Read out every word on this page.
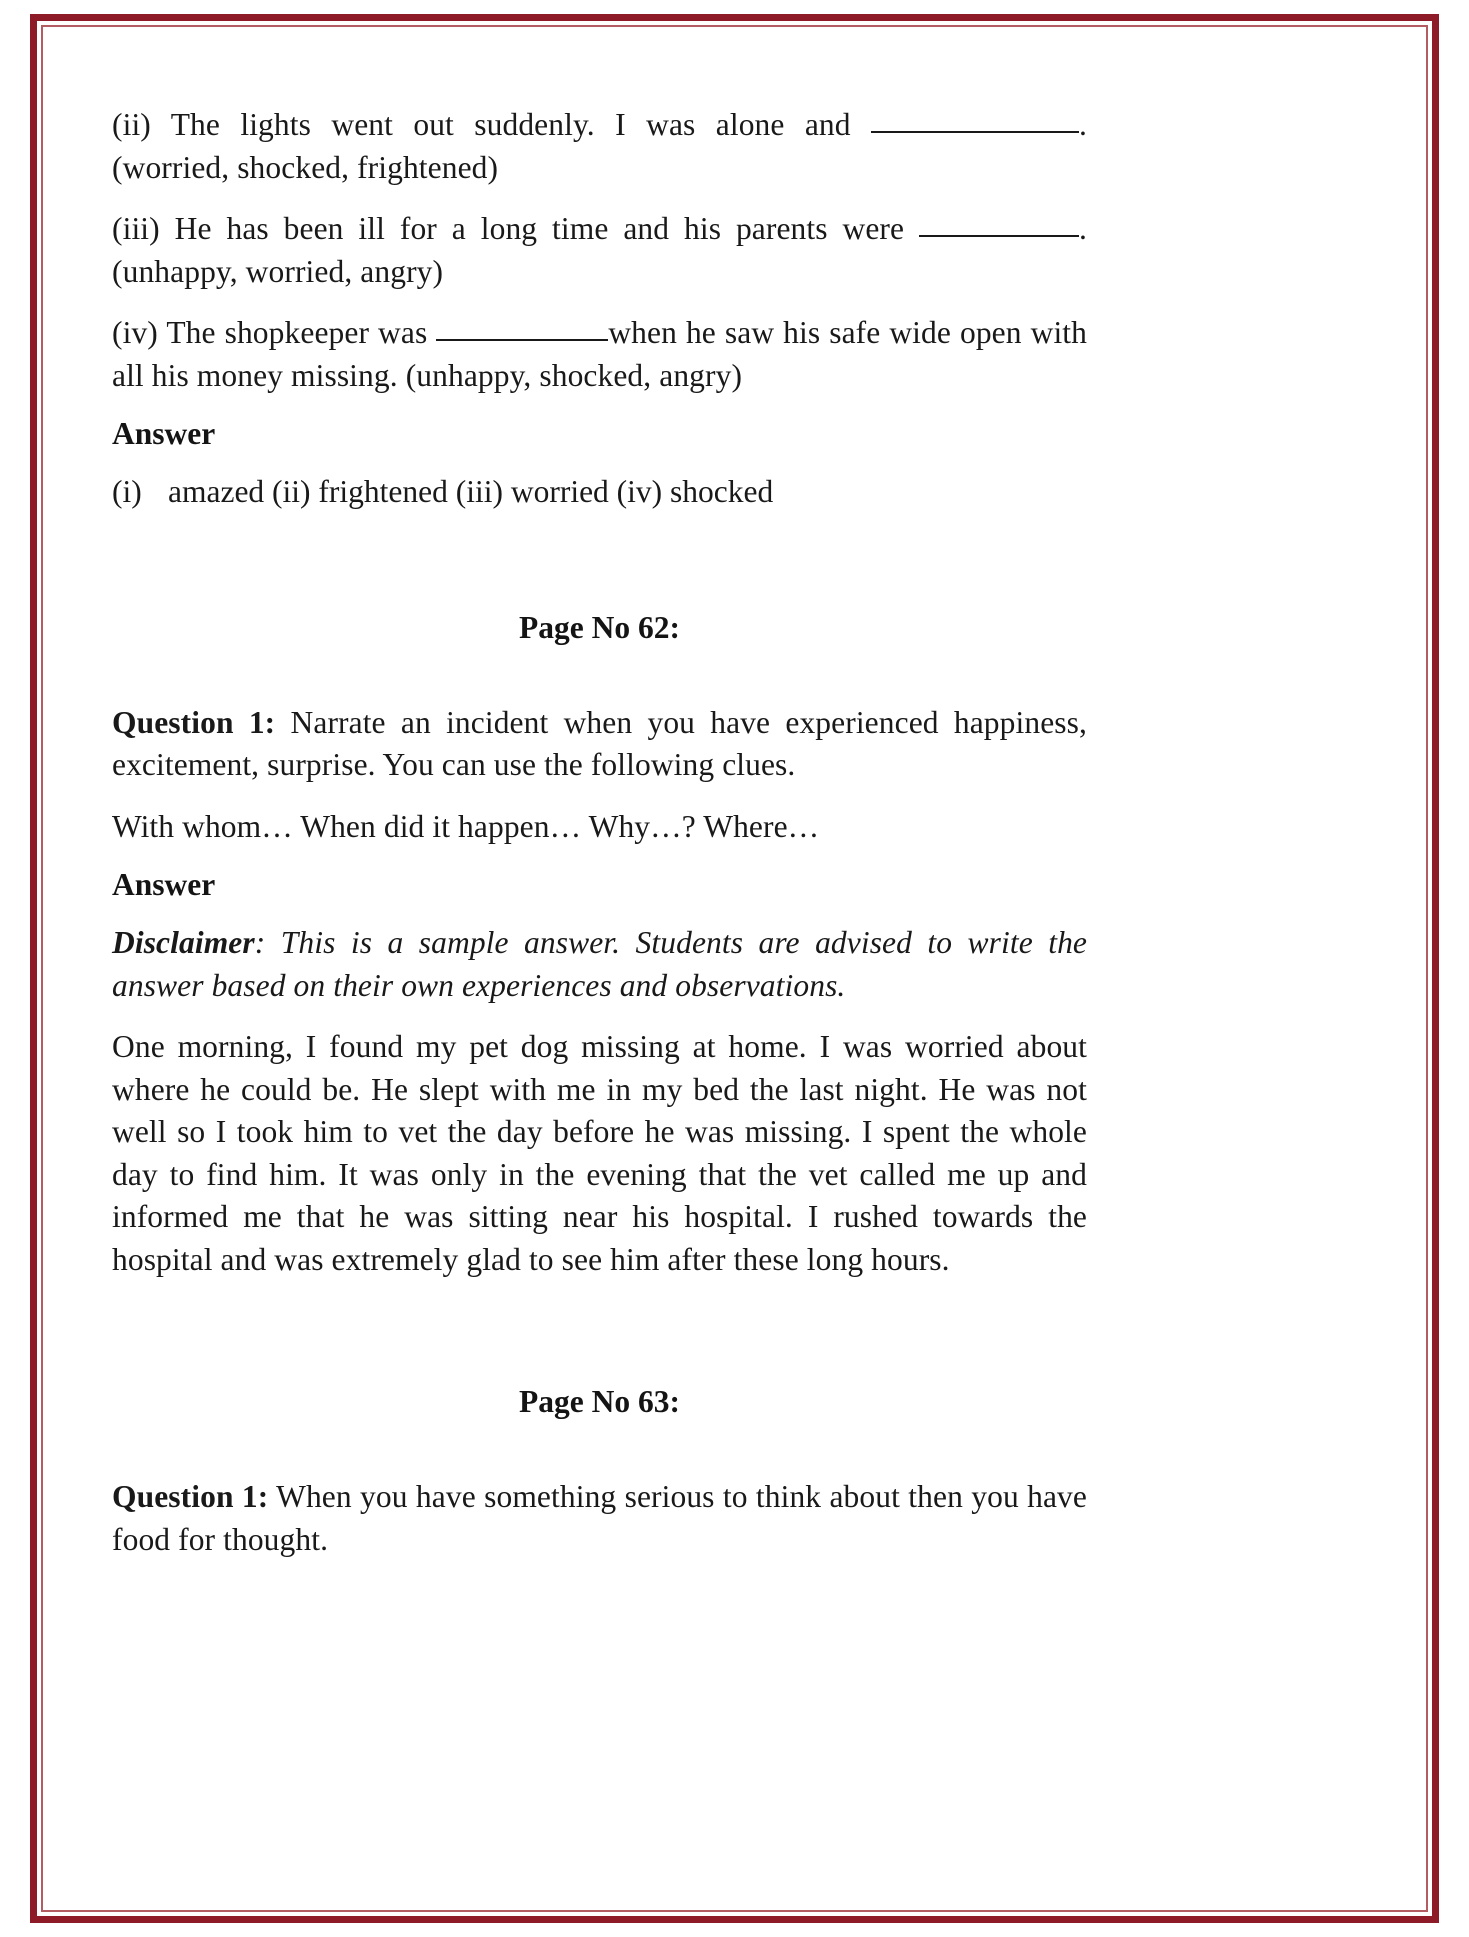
(ii) The lights went out suddenly. I was alone and	. (worried, shocked, frightened)

(iii) He has been ill for a long time and his parents were	. (unhappy, worried, angry)

(iv) The shopkeeper was	when he saw his safe wide open with all his money missing. (unhappy, shocked, angry)

Answer

(i) amazed (ii) frightened (iii) worried (iv) shocked

Page No 62:

Question 1: Narrate an incident when you have experienced happiness, excitement, surprise. You can use the following clues.

With whom… When did it happen… Why…? Where…

Answer

Disclaimer: This is a sample answer. Students are advised to write the answer based on their own experiences and observations.

One morning, I found my pet dog missing at home. I was worried about where he could be. He slept with me in my bed the last night. He was not well so I took him to vet the day before he was missing. I spent the whole day to find him. It was only in the evening that the vet called me up and informed me that he was sitting near his hospital. I rushed towards the hospital and was extremely glad to see him after these long hours.

Page No 63:

Question 1: When you have something serious to think about then you have food for thought.
